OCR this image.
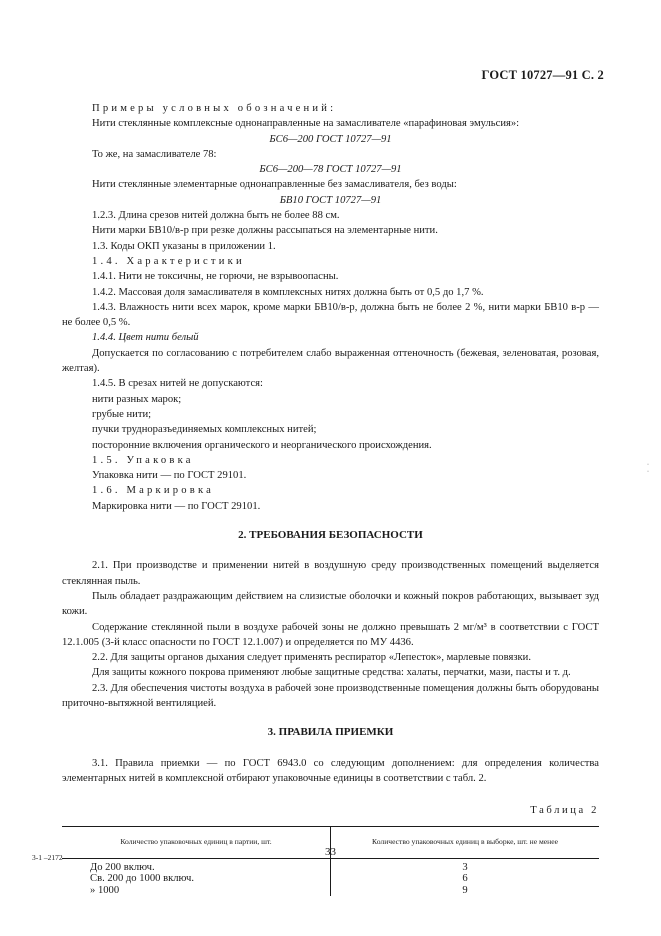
ГОСТ 10727—91 С. 2

Примеры условных обозначений:

Нити стеклянные комплексные однонаправленные на замасливателе «парафиновая эмульсия»:

БС6—200 ГОСТ 10727—91

То же, на замасливателе 78:

БС6—200—78 ГОСТ 10727—91

Нити стеклянные элементарные однонаправленные без замасливателя, без воды:

БВ10 ГОСТ 10727—91

1.2.3. Длина срезов нитей должна быть не более 88 см.

Нити марки БВ10/в-р при резке должны рассыпаться на элементарные нити.

1.3. Коды ОКП указаны в приложении 1.

1.4. Характеристики

1.4.1. Нити не токсичны, не горючи, не взрывоопасны.

1.4.2. Массовая доля замасливателя в комплексных нитях должна быть от 0,5 до 1,7 %.

1.4.3. Влажность нити всех марок, кроме марки БВ10/в-р, должна быть не более 2 %, нити марки БВ10 в-р — не более 0,5 %.

1.4.4. Цвет нити белый

Допускается по согласованию с потребителем слабо выраженная оттеночность (бежевая, зеленоватая, розовая, желтая).

1.4.5. В срезах нитей не допускаются:

нити разных марок;

грубые нити;

пучки трудноразъединяемых комплексных нитей;

посторонние включения органического и неорганического происхождения.

1.5. Упаковка

Упаковка нити — по ГОСТ 29101.

1.6. Маркировка

Маркировка нити — по ГОСТ 29101.

2. ТРЕБОВАНИЯ БЕЗОПАСНОСТИ

2.1. При производстве и применении нитей в воздушную среду производственных помещений выделяется стеклянная пыль.

Пыль обладает раздражающим действием на слизистые оболочки и кожный покров работающих, вызывает зуд кожи.

Содержание стеклянной пыли в воздухе рабочей зоны не должно превышать 2 мг/м³ в соответствии с ГОСТ 12.1.005 (3-й класс опасности по ГОСТ 12.1.007) и определяется по МУ 4436.

2.2. Для защиты органов дыхания следует применять респиратор «Лепесток», марлевые повязки.

Для защиты кожного покрова применяют любые защитные средства: халаты, перчатки, мази, пасты и т. д.

2.3. Для обеспечения чистоты воздуха в рабочей зоне производственные помещения должны быть оборудованы приточно-вытяжной вентиляцией.

3. ПРАВИЛА ПРИЕМКИ

3.1. Правила приемки — по ГОСТ 6943.0 со следующим дополнением: для определения количества элементарных нитей в комплексной отбирают упаковочные единицы в соответствии с табл. 2.

Таблица 2
Количество упаковочных единиц в партии, шт.	Количество упаковочных единиц в выборке, шт. не менее
До 200 включ.	3
Св. 200 до 1000 включ.	6
» 1000	9
·
·
3-1 –2172	33
